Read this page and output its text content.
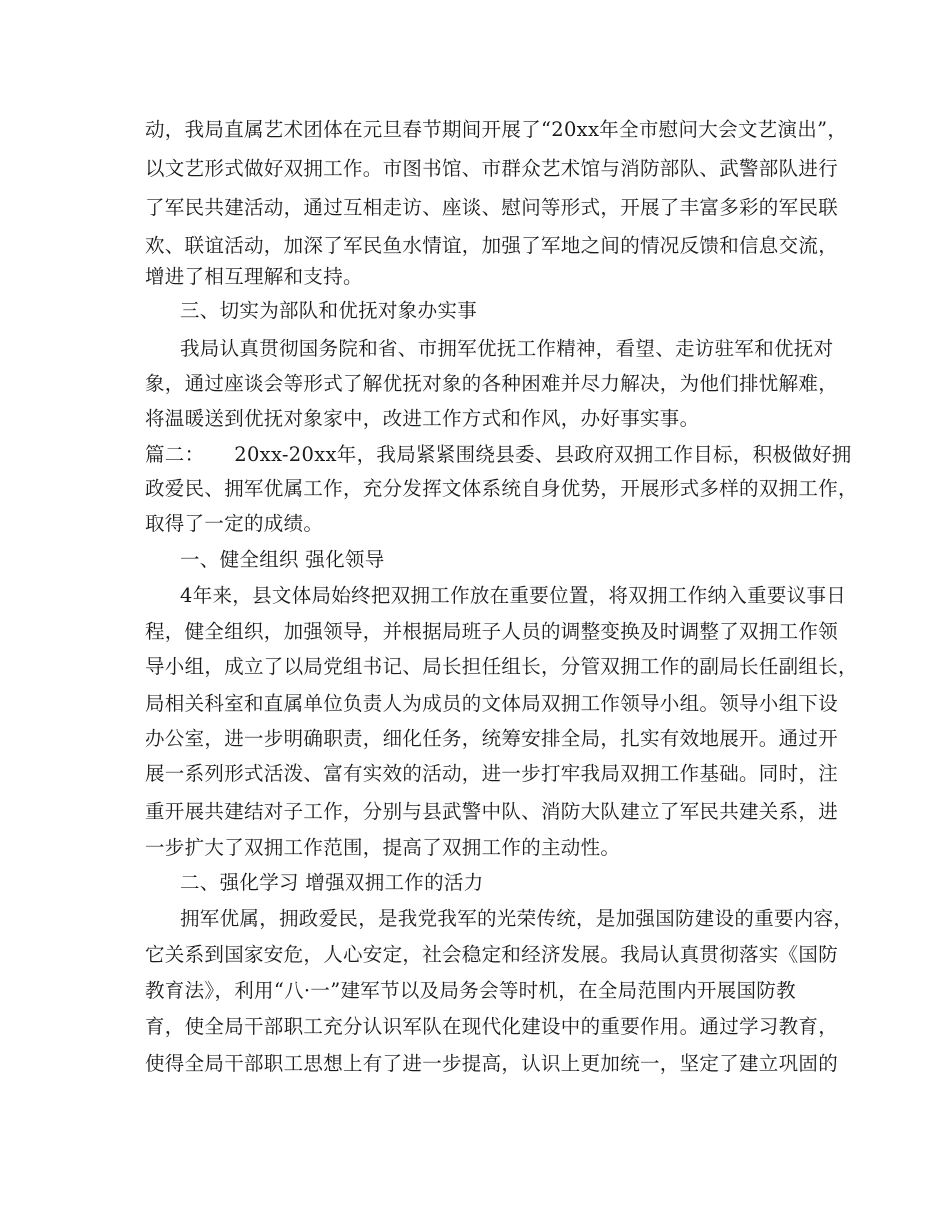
动，我局直属艺术团体在元旦春节期间开展了“20xx年全市慰问大会文艺演出”，
以文艺形式做好双拥工作。市图书馆、市群众艺术馆与消防部队、武警部队进行
了军民共建活动，通过互相走访、座谈、慰问等形式，开展了丰富多彩的军民联
欢、联谊活动，加深了军民鱼水情谊，加强了军地之间的情况反馈和信息交流，
增进了相互理解和支持。
三、切实为部队和优抚对象办实事
我局认真贯彻国务院和省、市拥军优抚工作精神，看望、走访驻军和优抚对
象，通过座谈会等形式了解优抚对象的各种困难并尽力解决，为他们排忧解难，
将温暖送到优抚对象家中，改进工作方式和作风，办好事实事。
篇二：　　20xx-20xx年，我局紧紧围绕县委、县政府双拥工作目标，积极做好拥
政爱民、拥军优属工作，充分发挥文体系统自身优势，开展形式多样的双拥工作，
取得了一定的成绩。
一、健全组织 强化领导
4年来，县文体局始终把双拥工作放在重要位置，将双拥工作纳入重要议事日
程，健全组织，加强领导，并根据局班子人员的调整变换及时调整了双拥工作领
导小组，成立了以局党组书记、局长担任组长，分管双拥工作的副局长任副组长，
局相关科室和直属单位负责人为成员的文体局双拥工作领导小组。领导小组下设
办公室，进一步明确职责，细化任务，统筹安排全局，扎实有效地展开。通过开
展一系列形式活泼、富有实效的活动，进一步打牢我局双拥工作基础。同时，注
重开展共建结对子工作，分别与县武警中队、消防大队建立了军民共建关系，进
一步扩大了双拥工作范围，提高了双拥工作的主动性。
二、强化学习 增强双拥工作的活力
拥军优属，拥政爱民，是我党我军的光荣传统，是加强国防建设的重要内容，
它关系到国家安危，人心安定，社会稳定和经济发展。我局认真贯彻落实《国防
教育法》，利用“八·一”建军节以及局务会等时机，在全局范围内开展国防教
育，使全局干部职工充分认识军队在现代化建设中的重要作用。通过学习教育，
使得全局干部职工思想上有了进一步提高，认识上更加统一，坚定了建立巩固的
